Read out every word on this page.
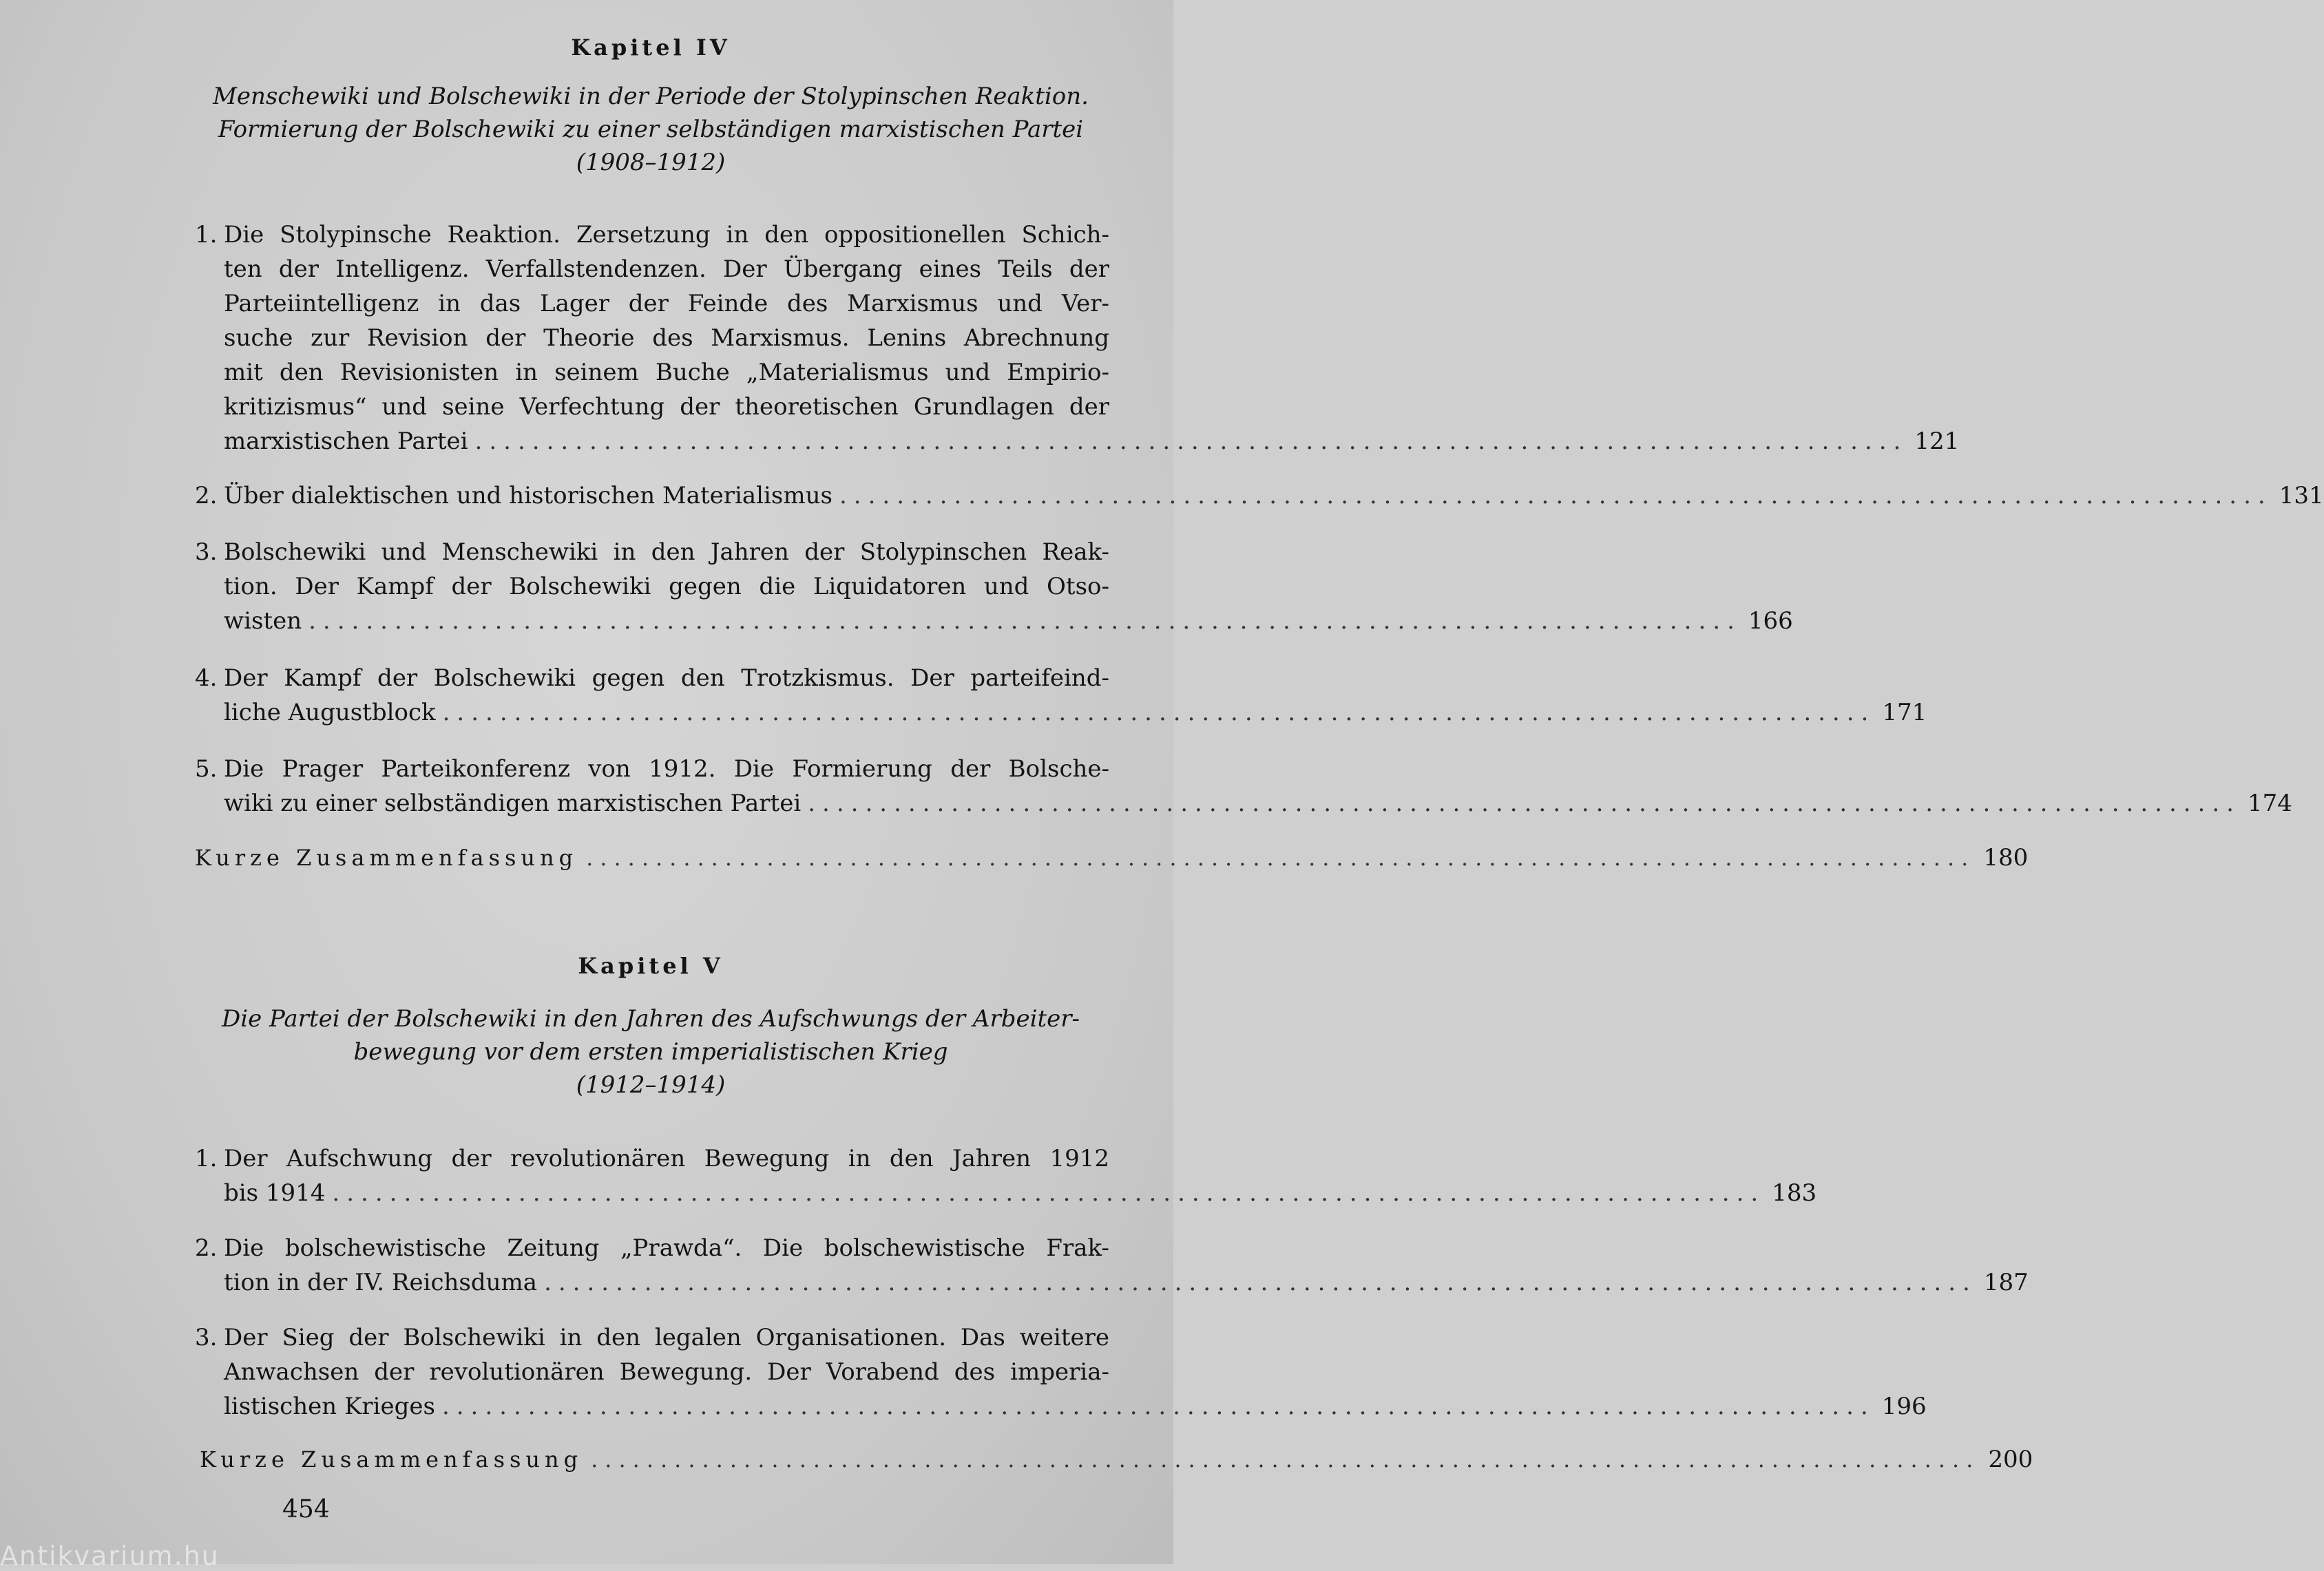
Kapitel IV
Menschewiki und Bolschewiki in der Periode der Stolypinschen Reaktion.
Formierung der Bolschewiki zu einer selbständigen marxistischen Partei
(1908–1912)
1. Die Stolypinsche Reaktion. Zersetzung in den oppositionellen Schich-
ten der Intelligenz. Verfallstendenzen. Der Übergang eines Teils der
Parteiintelligenz in das Lager der Feinde des Marxismus und Ver-
suche zur Revision der Theorie des Marxismus. Lenins Abrechnung
mit den Revisionisten in seinem Buche „Materialismus und Empirio-
kritizismus“ und seine Verfechtung der theoretischen Grundlagen der
marxistischen Partei .................................................................................................... 121
2. Über dialektischen und historischen Materialismus .................................................................................................... 131
3. Bolschewiki und Menschewiki in den Jahren der Stolypinschen Reak-
tion. Der Kampf der Bolschewiki gegen die Liquidatoren und Otso-
wisten .................................................................................................... 166
4. Der Kampf der Bolschewiki gegen den Trotzkismus. Der parteifeind-
liche Augustblock .................................................................................................... 171
5. Die Prager Parteikonferenz von 1912. Die Formierung der Bolsche-
wiki zu einer selbständigen marxistischen Partei .................................................................................................... 174
Kurze Zusammenfassung .................................................................................................... 180
Kapitel V
Die Partei der Bolschewiki in den Jahren des Aufschwungs der Arbeiter-
bewegung vor dem ersten imperialistischen Krieg
(1912–1914)
1. Der Aufschwung der revolutionären Bewegung in den Jahren 1912
bis 1914 .................................................................................................... 183
2. Die bolschewistische Zeitung „Prawda“. Die bolschewistische Frak-
tion in der IV. Reichsduma .................................................................................................... 187
3. Der Sieg der Bolschewiki in den legalen Organisationen. Das weitere
Anwachsen der revolutionären Bewegung. Der Vorabend des imperia-
listischen Krieges .................................................................................................... 196
Kurze Zusammenfassung .................................................................................................... 200
454
Antikvarium.hu
